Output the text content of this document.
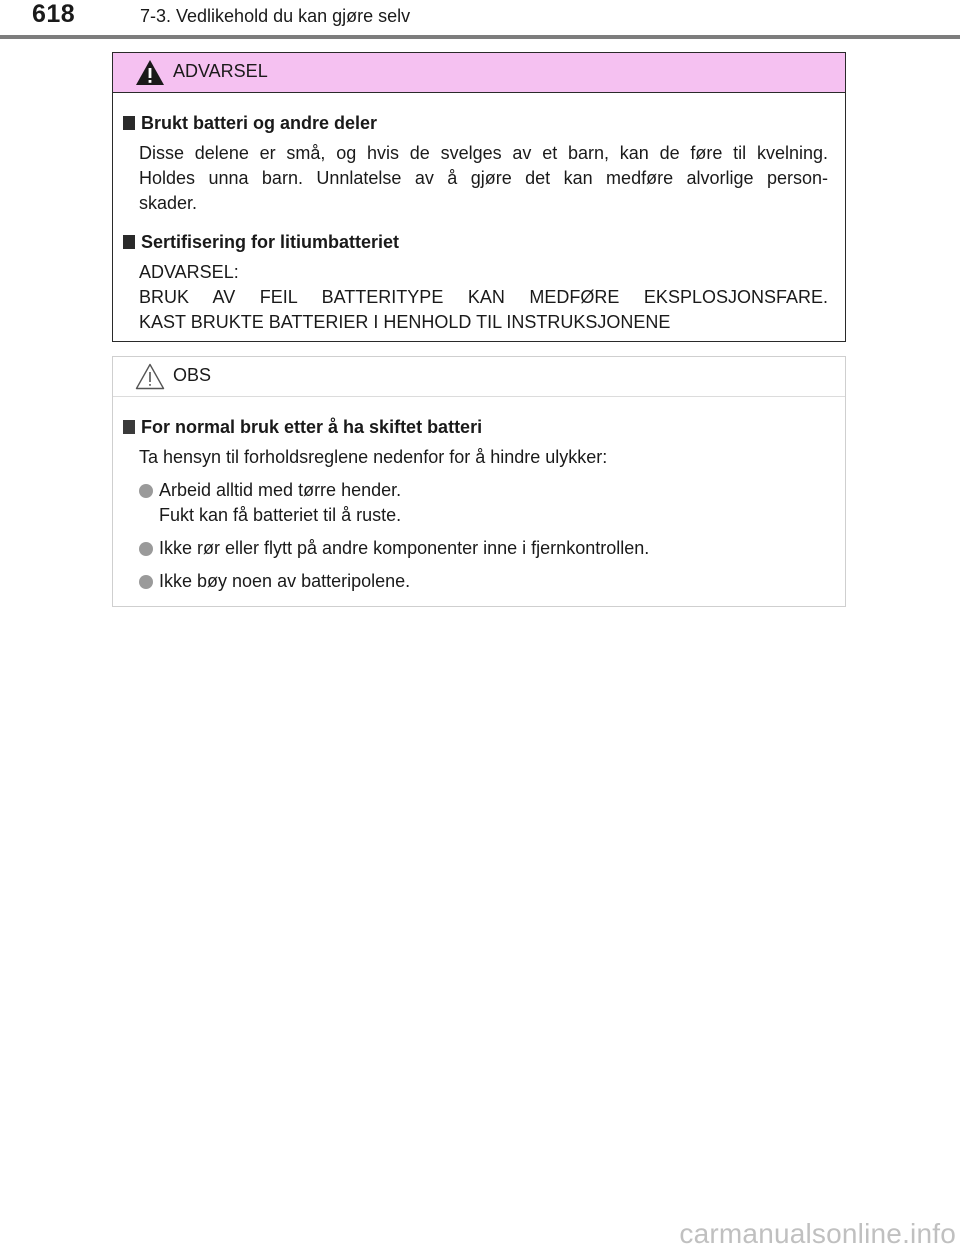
618	7-3. Vedlikehold du kan gjøre selv
ADVARSEL
Brukt batteri og andre deler
Disse delene er små, og hvis de svelges av et barn, kan de føre til kvelning.
Holdes unna barn. Unnlatelse av å gjøre det kan medføre alvorlige person-
skader.
Sertifisering for litiumbatteriet
ADVARSEL:
BRUK AV FEIL BATTERITYPE KAN MEDFØRE EKSPLOSJONSFARE.
KAST BRUKTE BATTERIER I HENHOLD TIL INSTRUKSJONENE
OBS
For normal bruk etter å ha skiftet batteri
Ta hensyn til forholdsreglene nedenfor for å hindre ulykker:
Arbeid alltid med tørre hender.
Fukt kan få batteriet til å ruste.
Ikke rør eller flytt på andre komponenter inne i fjernkontrollen.
Ikke bøy noen av batteripolene.
carmanualsonline.info
